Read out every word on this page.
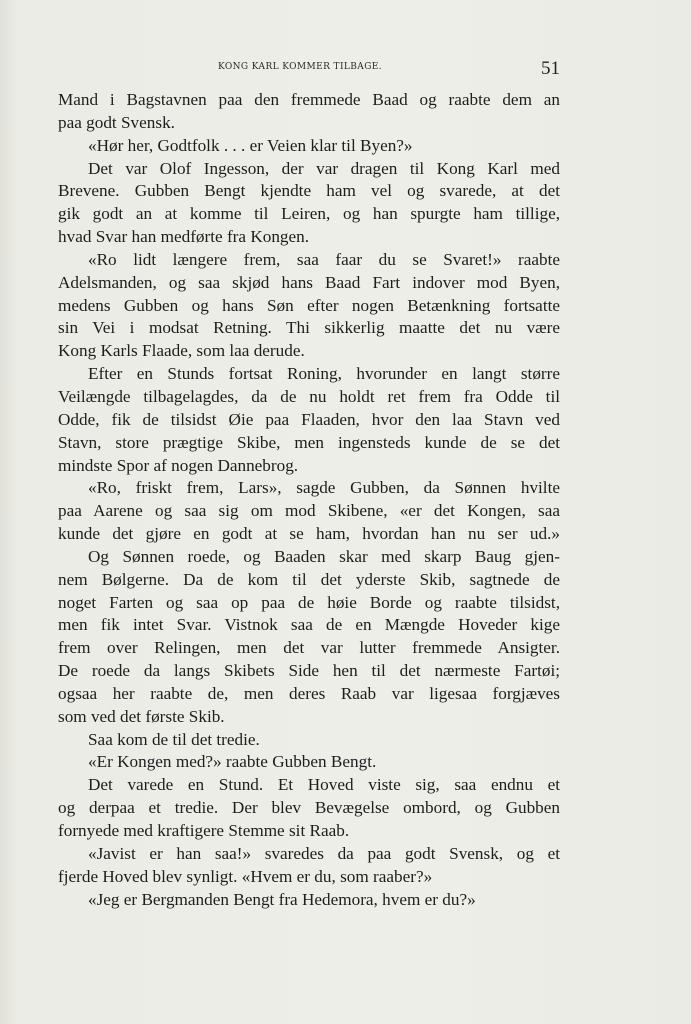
KONG KARL KOMMER TILBAGE.	51
Mand i Bagstavnen paa den fremmede Baad og raabte dem an
paa godt Svensk.
«Hør her, Godtfolk . . . er Veien klar til Byen?»
Det var Olof Ingesson, der var dragen til Kong Karl med
Brevene. Gubben Bengt kjendte ham vel og svarede, at det
gik godt an at komme til Leiren, og han spurgte ham tillige,
hvad Svar han medførte fra Kongen.
«Ro lidt længere frem, saa faar du se Svaret!» raabte
Adelsmanden, og saa skjød hans Baad Fart indover mod Byen,
medens Gubben og hans Søn efter nogen Betænkning fortsatte
sin Vei i modsat Retning. Thi sikkerlig maatte det nu være
Kong Karls Flaade, som laa derude.
Efter en Stunds fortsat Roning, hvorunder en langt større
Veilængde tilbagelagdes, da de nu holdt ret frem fra Odde til
Odde, fik de tilsidst Øie paa Flaaden, hvor den laa Stavn ved
Stavn, store prægtige Skibe, men ingensteds kunde de se det
mindste Spor af nogen Dannebrog.
«Ro, friskt frem, Lars», sagde Gubben, da Sønnen hvilte
paa Aarene og saa sig om mod Skibene, «er det Kongen, saa
kunde det gjøre en godt at se ham, hvordan han nu ser ud.»
Og Sønnen roede, og Baaden skar med skarp Baug gjen-
nem Bølgerne. Da de kom til det yderste Skib, sagtnede de
noget Farten og saa op paa de høie Borde og raabte tilsidst,
men fik intet Svar. Vistnok saa de en Mængde Hoveder kige
frem over Relingen, men det var lutter fremmede Ansigter.
De roede da langs Skibets Side hen til det nærmeste Fartøi;
ogsaa her raabte de, men deres Raab var ligesaa forgjæves
som ved det første Skib.
Saa kom de til det tredie.
«Er Kongen med?» raabte Gubben Bengt.
Det varede en Stund. Et Hoved viste sig, saa endnu et
og derpaa et tredie. Der blev Bevægelse ombord, og Gubben
fornyede med kraftigere Stemme sit Raab.
«Javist er han saa!» svaredes da paa godt Svensk, og et
fjerde Hoved blev synligt. «Hvem er du, som raaber?»
«Jeg er Bergmanden Bengt fra Hedemora, hvem er du?»
